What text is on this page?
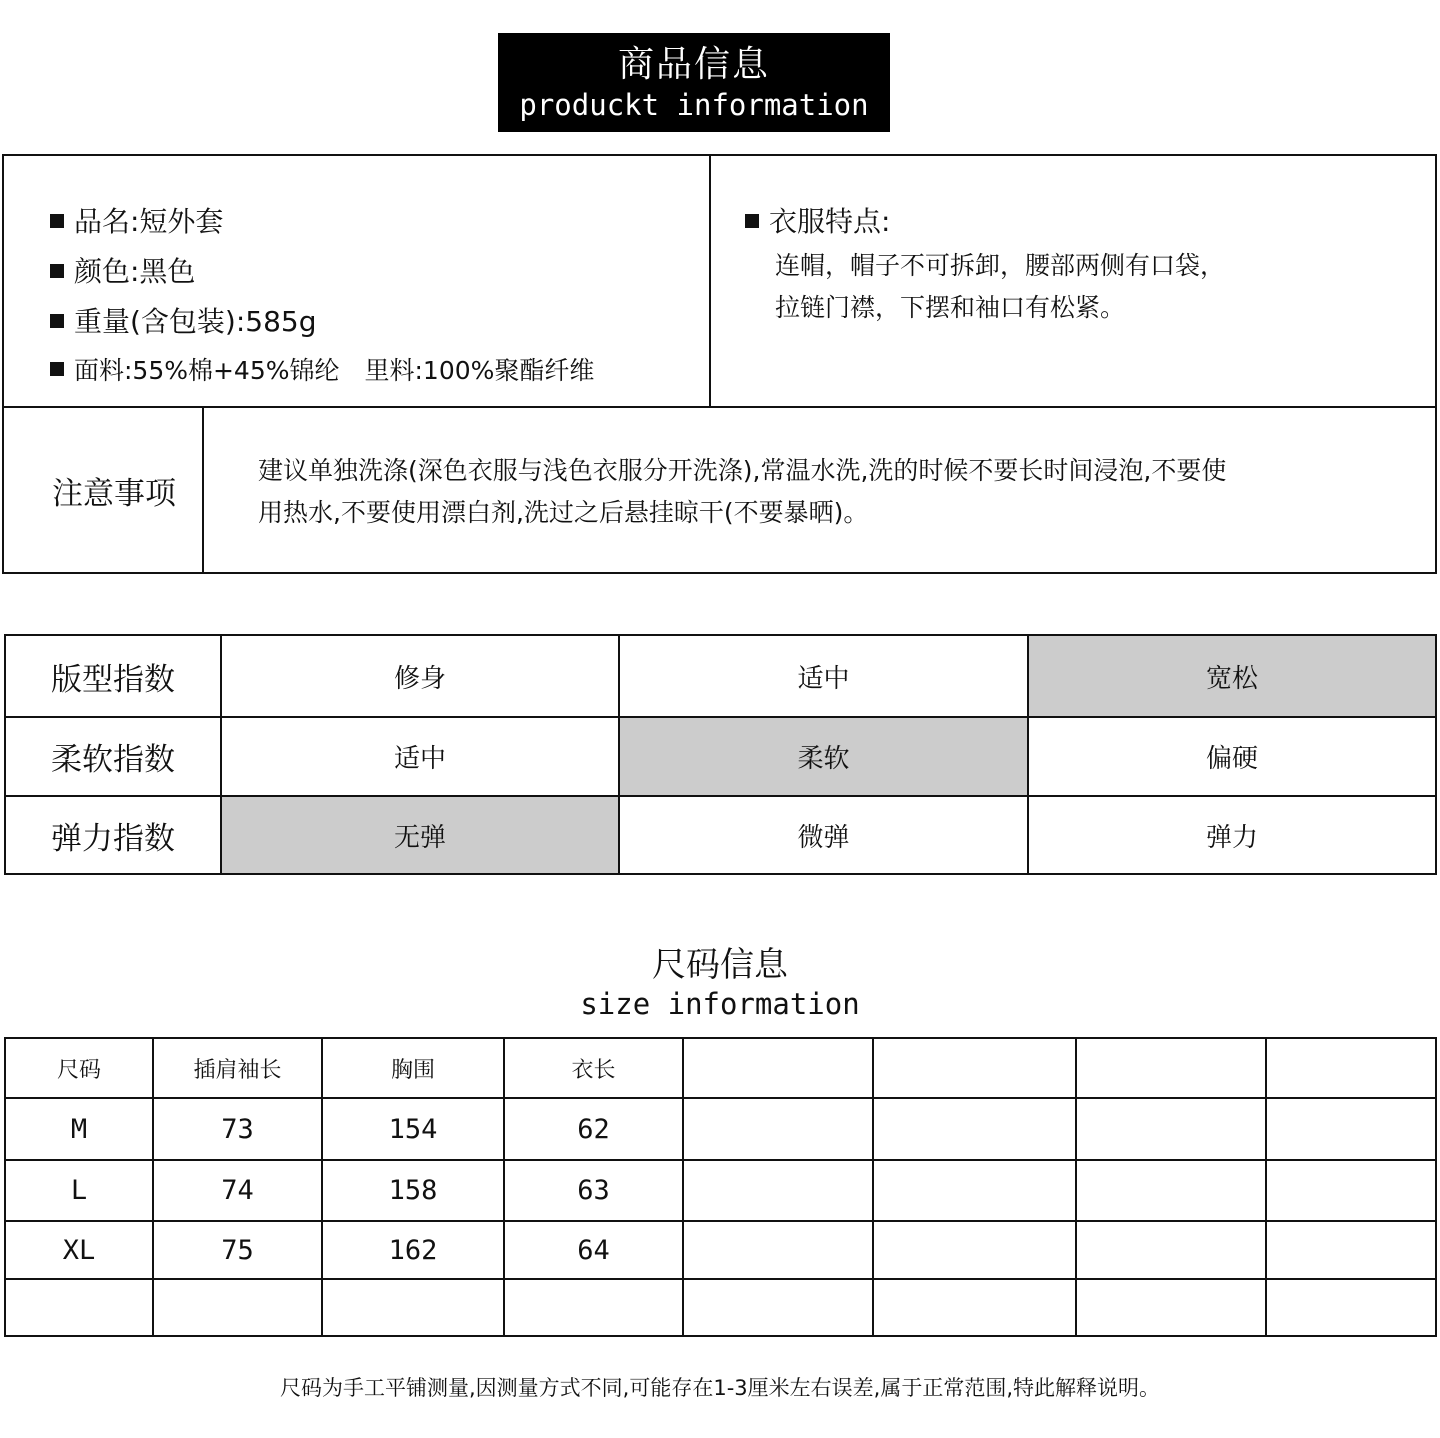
商品信息
produckt information
品名:短外套
颜色:黑色
重量(含包装):585g
面料:55%棉+45%锦纶　里料:100%聚酯纤维
衣服特点:
连帽，帽子不可拆卸，腰部两侧有口袋，
拉链门襟，下摆和袖口有松紧。
注意事项
建议单独洗涤(深色衣服与浅色衣服分开洗涤),常温水洗,洗的时候不要长时间浸泡,不要使
用热水,不要使用漂白剂,洗过之后悬挂晾干(不要暴晒)。
版型指数	修身	适中	宽松
柔软指数	适中	柔软	偏硬
弹力指数	无弹	微弹	弹力
尺码信息
size information
尺码	插肩袖长	胸围	衣长				
M	73	154	62				
L	74	158	63				
XL	75	162	64				

尺码为手工平铺测量,因测量方式不同,可能存在1-3厘米左右误差,属于正常范围,特此解释说明。
